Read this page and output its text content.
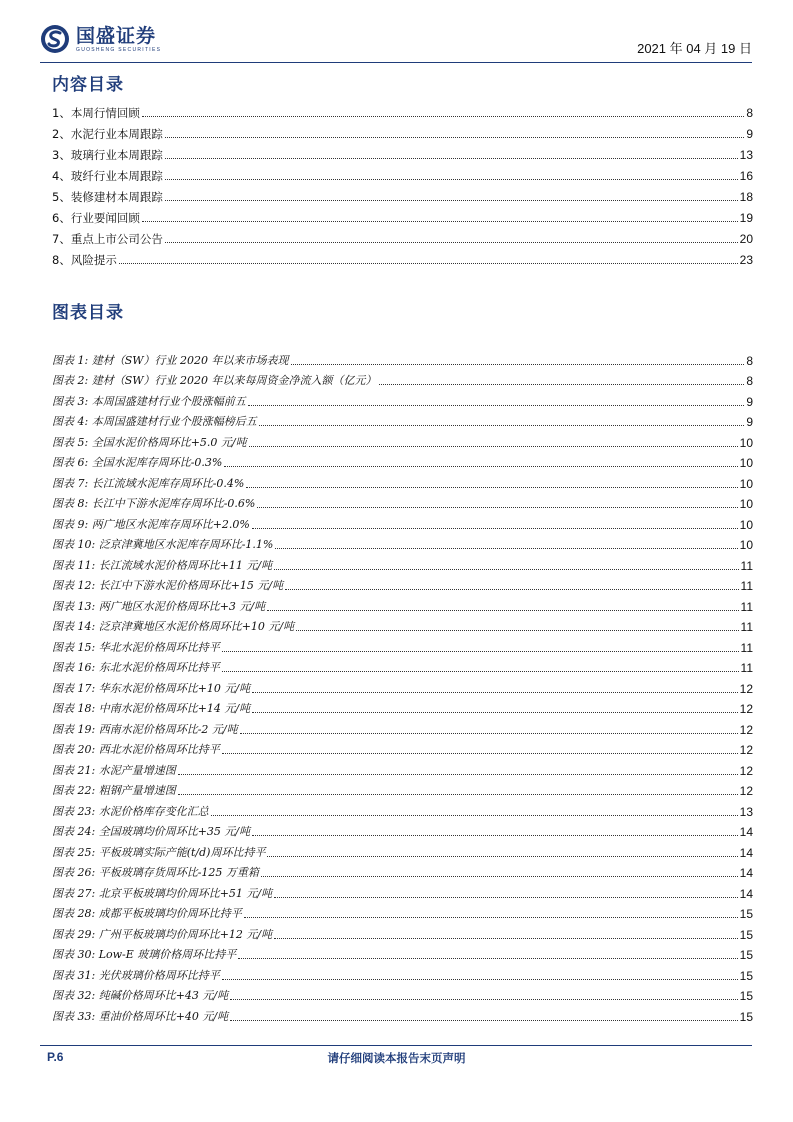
国盛证券
GUOSHENG SECURITIES	2021 年 04 月 19 日
内容目录
1、本周行情回顾	8
2、水泥行业本周跟踪	9
3、玻璃行业本周跟踪	13
4、玻纤行业本周跟踪	16
5、装修建材本周跟踪	18
6、行业要闻回顾	19
7、重点上市公司公告	20
8、风险提示	23
图表目录
图表 1: 建材（SW）行业 2020 年以来市场表现	8
图表 2: 建材（SW）行业 2020 年以来每周资金净流入额（亿元）	8
图表 3: 本周国盛建材行业个股涨幅前五	9
图表 4: 本周国盛建材行业个股涨幅榜后五	9
图表 5: 全国水泥价格周环比+5.0 元/吨	10
图表 6: 全国水泥库存周环比-0.3%	10
图表 7: 长江流域水泥库存周环比-0.4%	10
图表 8: 长江中下游水泥库存周环比-0.6%	10
图表 9: 两广地区水泥库存周环比+2.0%	10
图表 10: 泛京津冀地区水泥库存周环比-1.1%	10
图表 11: 长江流域水泥价格周环比+11 元/吨	11
图表 12: 长江中下游水泥价格周环比+15 元/吨	11
图表 13: 两广地区水泥价格周环比+3 元/吨	11
图表 14: 泛京津冀地区水泥价格周环比+10 元/吨	11
图表 15: 华北水泥价格周环比持平	11
图表 16: 东北水泥价格周环比持平	11
图表 17: 华东水泥价格周环比+10 元/吨	12
图表 18: 中南水泥价格周环比+14 元/吨	12
图表 19: 西南水泥价格周环比-2 元/吨	12
图表 20: 西北水泥价格周环比持平	12
图表 21: 水泥产量增速图	12
图表 22: 粗钢产量增速图	12
图表 23: 水泥价格库存变化汇总	13
图表 24: 全国玻璃均价周环比+35 元/吨	14
图表 25: 平板玻璃实际产能(t/d)周环比持平	14
图表 26: 平板玻璃存货周环比-125 万重箱	14
图表 27: 北京平板玻璃均价周环比+51 元/吨	14
图表 28: 成都平板玻璃均价周环比持平	15
图表 29: 广州平板玻璃均价周环比+12 元/吨	15
图表 30: Low-E 玻璃价格周环比持平	15
图表 31: 光伏玻璃价格周环比持平	15
图表 32: 纯碱价格周环比+43 元/吨	15
图表 33: 重油价格周环比+40 元/吨	15
P.6	请仔细阅读本报告末页声明
